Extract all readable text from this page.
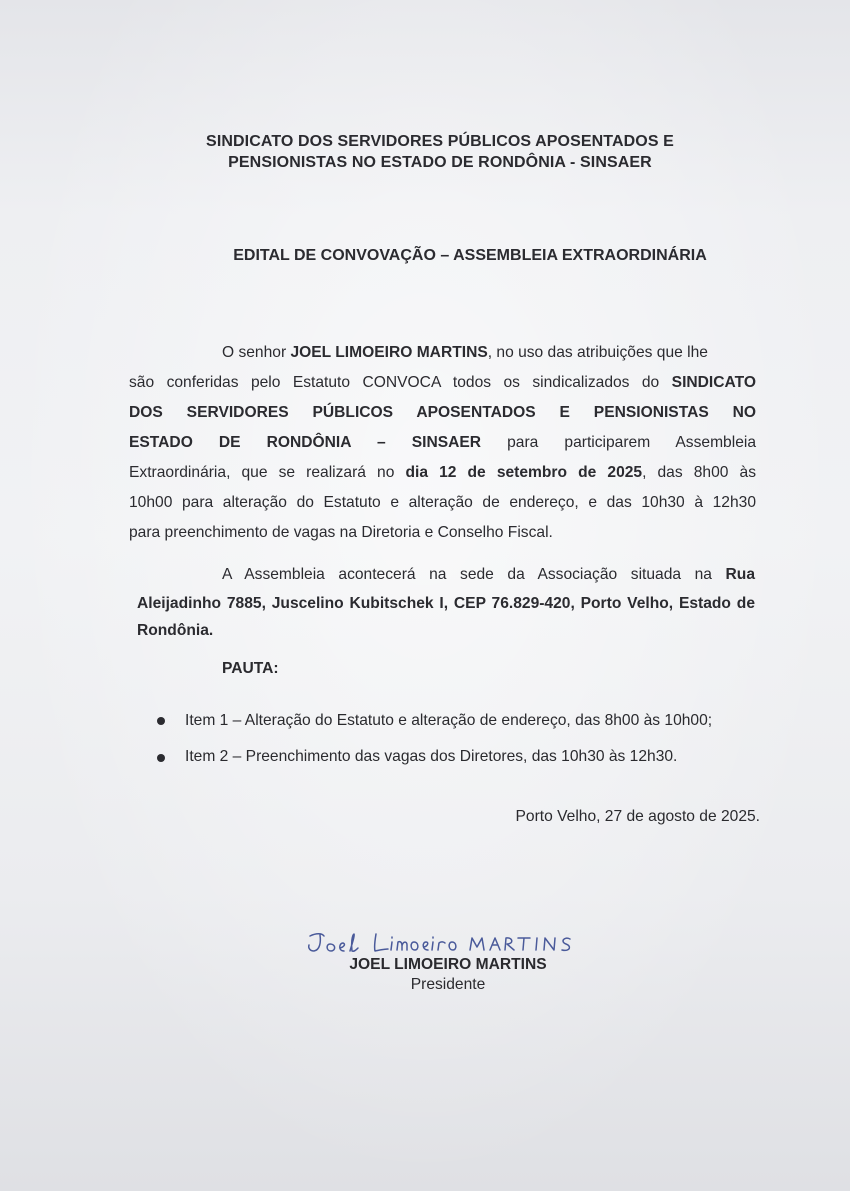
SINDICATO DOS SERVIDORES PÚBLICOS APOSENTADOS E
PENSIONISTAS NO ESTADO DE RONDÔNIA - SINSAER
EDITAL DE CONVOVAÇÃO – ASSEMBLEIA EXTRAORDINÁRIA
O senhor JOEL LIMOEIRO MARTINS, no uso das atribuições que lhe
são conferidas pelo Estatuto CONVOCA todos os sindicalizados do SINDICATO
DOS SERVIDORES PÚBLICOS APOSENTADOS E PENSIONISTAS NO
ESTADO DE RONDÔNIA – SINSAER para participarem Assembleia
Extraordinária, que se realizará no dia 12 de setembro de 2025, das 8h00 às
10h00 para alteração do Estatuto e alteração de endereço, e das 10h30 à 12h30
para preenchimento de vagas na Diretoria e Conselho Fiscal.
A Assembleia acontecerá na sede da Associação situada na Rua
Aleijadinho 7885, Juscelino Kubitschek I, CEP 76.829-420, Porto Velho, Estado de
Rondônia.
PAUTA:
Item 1 – Alteração do Estatuto e alteração de endereço, das 8h00 às 10h00;
Item 2 – Preenchimento das vagas dos Diretores, das 10h30 às 12h30.
Porto Velho, 27 de agosto de 2025.
JOEL LIMOEIRO MARTINS
Presidente
